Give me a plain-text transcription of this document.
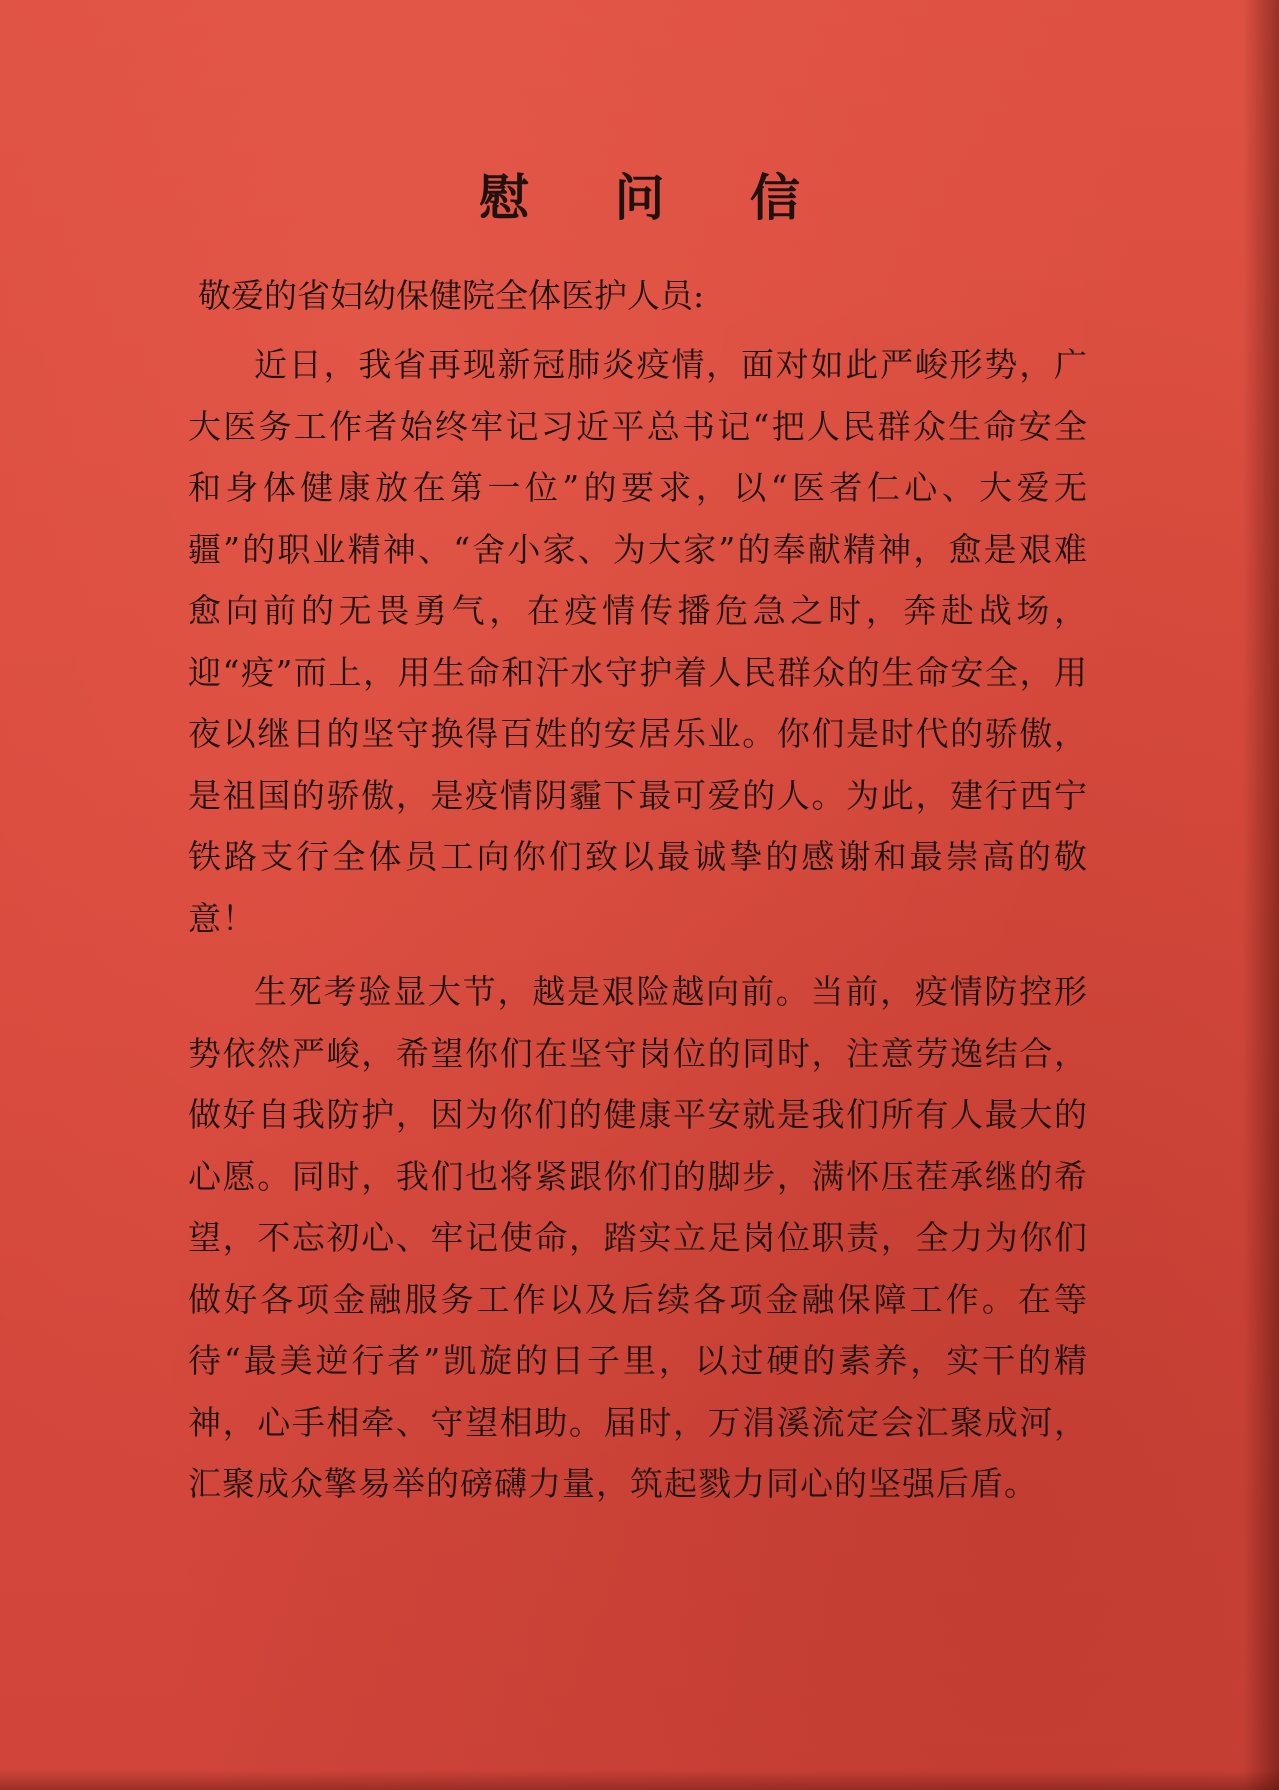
慰 问 信
敬爱的省妇幼保健院全体医护人员:

近日，我省再现新冠肺炎疫情，面对如此严峻形势，广大医务工作者始终牢记习近平总书记“把人民群众生命安全和身体健康放在第一位”的要求，以“医者仁心、大爱无疆”的职业精神、“舍小家、为大家”的奉献精神，愈是艰难愈向前的无畏勇气，在疫情传播危急之时，奔赴战场，迎“疫”而上，用生命和汗水守护着人民群众的生命安全，用夜以继日的坚守换得百姓的安居乐业。你们是时代的骄傲，是祖国的骄傲，是疫情阴霾下最可爱的人。为此，建行西宁铁路支行全体员工向你们致以最诚挚的感谢和最崇高的敬意！

生死考验显大节，越是艰险越向前。当前，疫情防控形势依然严峻，希望你们在坚守岗位的同时，注意劳逸结合，做好自我防护，因为你们的健康平安就是我们所有人最大的心愿。同时，我们也将紧跟你们的脚步，满怀压茬承继的希望，不忘初心、牢记使命，踏实立足岗位职责，全力为你们做好各项金融服务工作以及后续各项金融保障工作。在等待“最美逆行者”凯旋的日子里，以过硬的素养，实干的精神，心手相牵、守望相助。届时，万涓溪流定会汇聚成河，汇聚成众擎易举的磅礴力量，筑起戮力同心的坚强后盾。
